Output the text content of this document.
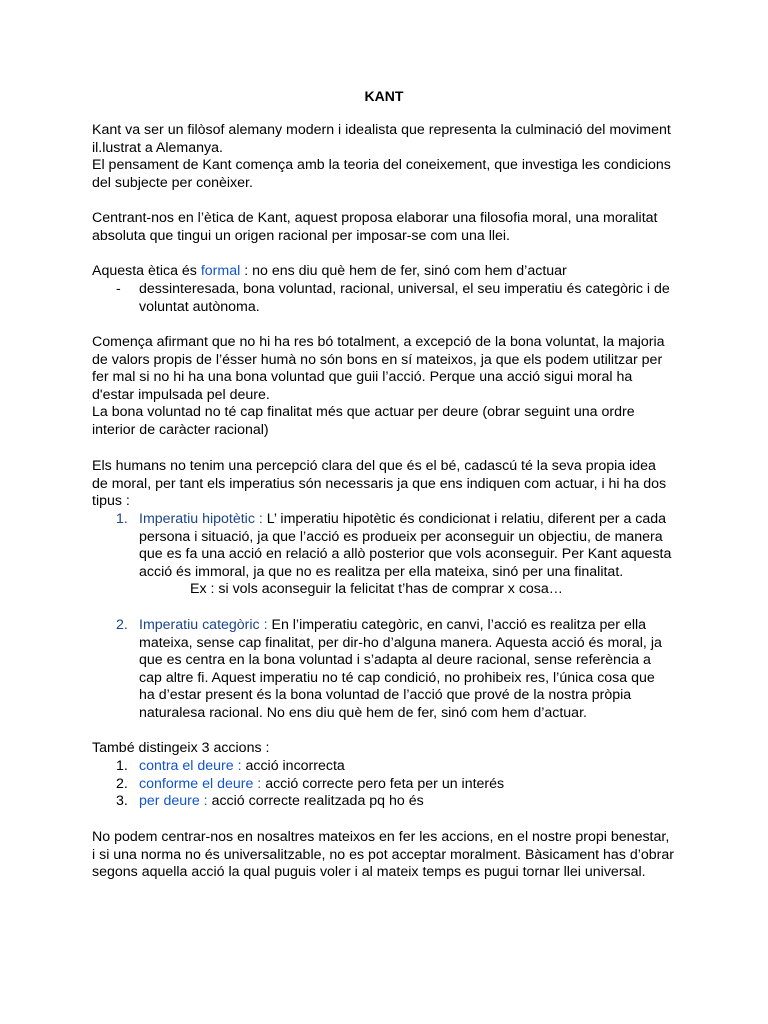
KANT
Kant va ser un filòsof alemany modern i idealista que representa la culminació del moviment
il.lustrat a Alemanya.
El pensament de Kant comença amb la teoria del coneixement, que investiga les condicions
del subjecte per conèixer.
Centrant-nos en l’ètica de Kant, aquest proposa elaborar una filosofia moral, una moralitat
absoluta que tingui un origen racional per imposar-se com una llei.
Aquesta ètica és formal : no ens diu què hem de fer, sinó com hem d’actuar
- dessinteresada, bona voluntad, racional, universal, el seu imperatiu és categòric i de
voluntat autònoma.
Comença afirmant que no hi ha res bó totalment, a excepció de la bona voluntat, la majoria
de valors propis de l’ésser humà no són bons en sí mateixos, ja que els podem utilitzar per
fer mal si no hi ha una bona voluntad que guii l’acció. Perque una acció sigui moral ha
d'estar impulsada pel deure.
La bona voluntad no té cap finalitat més que actuar per deure (obrar seguint una ordre
interior de caràcter racional)
Els humans no tenim una percepció clara del que és el bé, cadascú té la seva propia idea
de moral, per tant els imperatius són necessaris ja que ens indiquen com actuar, i hi ha dos
tipus :
1. Imperatiu hipotètic : L’ imperatiu hipotètic és condicionat i relatiu, diferent per a cada
persona i situació, ja que l’acció es produeix per aconseguir un objectiu, de manera
que es fa una acció en relació a allò posterior que vols aconseguir. Per Kant aquesta
acció és immoral, ja que no es realitza per ella mateixa, sinó per una finalitat.
Ex : si vols aconseguir la felicitat t’has de comprar x cosa…
2. Imperatiu categòric : En l’imperatiu categòric, en canvi, l’acció es realitza per ella
mateixa, sense cap finalitat, per dir-ho d’alguna manera. Aquesta acció és moral, ja
que es centra en la bona voluntad i s’adapta al deure racional, sense referència a
cap altre fi. Aquest imperatiu no té cap condició, no prohibeix res, l’única cosa que
ha d’estar present és la bona voluntad de l’acció que prové de la nostra pròpia
naturalesa racional. No ens diu què hem de fer, sinó com hem d’actuar.
També distingeix 3 accions :
1. contra el deure : acció incorrecta
2. conforme el deure : acció correcte pero feta per un interés
3. per deure : acció correcte realitzada pq ho és
No podem centrar-nos en nosaltres mateixos en fer les accions, en el nostre propi benestar,
i si una norma no és universalitzable, no es pot acceptar moralment. Bàsicament has d’obrar
segons aquella acció la qual puguis voler i al mateix temps es pugui tornar llei universal.
